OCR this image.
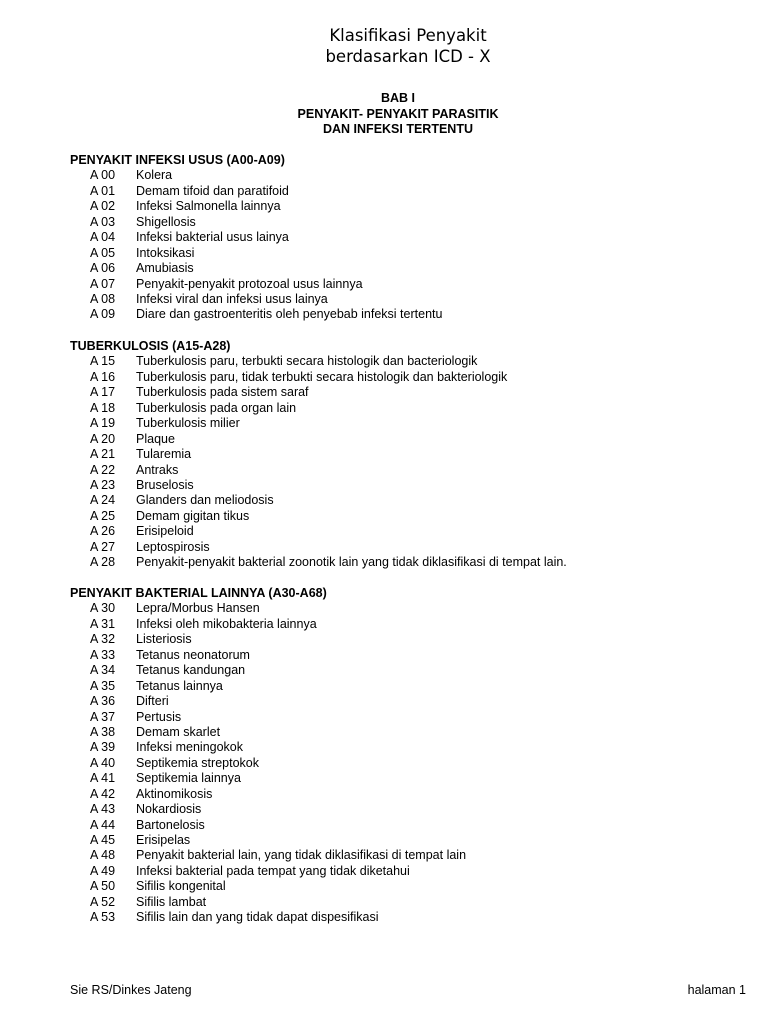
Klasifikasi Penyakit
berdasarkan ICD - X
BAB I
PENYAKIT- PENYAKIT PARASITIK
DAN INFEKSI TERTENTU
PENYAKIT INFEKSI USUS (A00-A09)
A 00 Kolera
A 01 Demam tifoid dan paratifoid
A 02 Infeksi Salmonella lainnya
A 03 Shigellosis
A 04 Infeksi bakterial usus lainya
A 05 Intoksikasi
A 06 Amubiasis
A 07 Penyakit-penyakit protozoal usus lainnya
A 08 Infeksi viral dan infeksi usus lainya
A 09 Diare dan gastroenteritis oleh penyebab infeksi tertentu
TUBERKULOSIS (A15-A28)
A 15 Tuberkulosis paru, terbukti secara histologik dan bacteriologik
A 16 Tuberkulosis paru, tidak terbukti secara histologik dan bakteriologik
A 17 Tuberkulosis pada sistem saraf
A 18 Tuberkulosis pada organ lain
A 19 Tuberkulosis milier
A 20 Plaque
A 21 Tularemia
A 22 Antraks
A 23 Bruselosis
A 24 Glanders dan meliodosis
A 25 Demam gigitan tikus
A 26 Erisipeloid
A 27 Leptospirosis
A 28 Penyakit-penyakit bakterial zoonotik lain yang tidak diklasifikasi di tempat lain.
PENYAKIT BAKTERIAL LAINNYA (A30-A68)
A 30 Lepra/Morbus Hansen
A 31 Infeksi oleh mikobakteria lainnya
A 32 Listeriosis
A 33 Tetanus neonatorum
A 34 Tetanus kandungan
A 35 Tetanus lainnya
A 36 Difteri
A 37 Pertusis
A 38 Demam skarlet
A 39 Infeksi meningokok
A 40 Septikemia streptokok
A 41 Septikemia lainnya
A 42 Aktinomikosis
A 43 Nokardiosis
A 44 Bartonelosis
A 45 Erisipelas
A 48 Penyakit bakterial lain, yang tidak diklasifikasi di tempat lain
A 49 Infeksi bakterial pada tempat yang tidak diketahui
A 50 Sifilis kongenital
A 52 Sifilis lambat
A 53 Sifilis lain dan yang tidak dapat dispesifikasi
Sie RS/Dinkes Jateng	halaman 1
